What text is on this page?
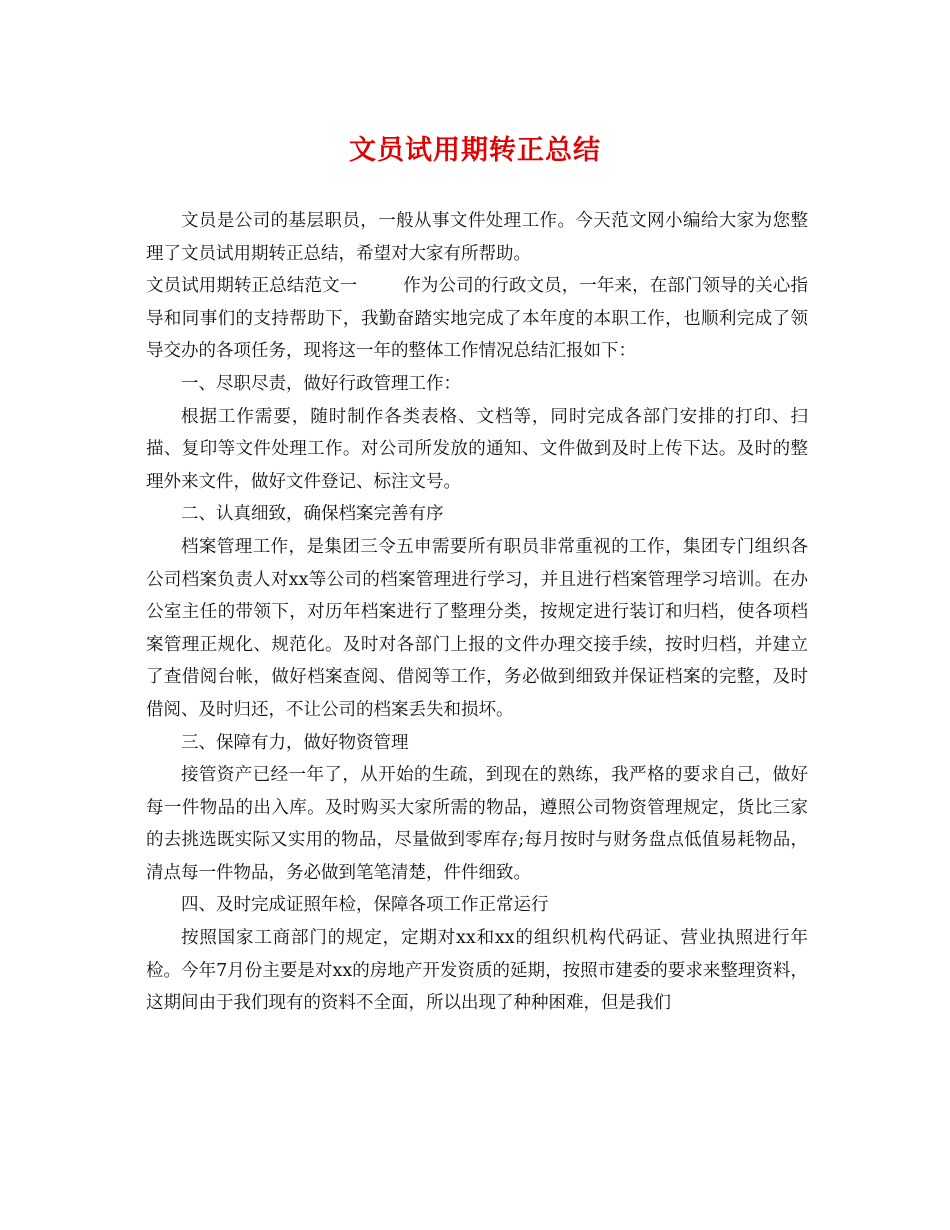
文员试用期转正总结

文员是公司的基层职员，一般从事文件处理工作。今天范文网小编给大家为您整理了文员试用期转正总结，希望对大家有所帮助。

文员试用期转正总结范文一	作为公司的行政文员，一年来，在部门领导的关心指导和同事们的支持帮助下，我勤奋踏实地完成了本年度的本职工作，也顺利完成了领导交办的各项任务，现将这一年的整体工作情况总结汇报如下：

一、尽职尽责，做好行政管理工作：

根据工作需要，随时制作各类表格、文档等，同时完成各部门安排的打印、扫描、复印等文件处理工作。对公司所发放的通知、文件做到及时上传下达。及时的整理外来文件，做好文件登记、标注文号。

二、认真细致，确保档案完善有序

档案管理工作，是集团三令五申需要所有职员非常重视的工作，集团专门组织各公司档案负责人对xx等公司的档案管理进行学习，并且进行档案管理学习培训。在办公室主任的带领下，对历年档案进行了整理分类，按规定进行装订和归档，使各项档案管理正规化、规范化。及时对各部门上报的文件办理交接手续，按时归档，并建立了查借阅台帐，做好档案查阅、借阅等工作，务必做到细致并保证档案的完整，及时借阅、及时归还，不让公司的档案丢失和损坏。

三、保障有力，做好物资管理

接管资产已经一年了，从开始的生疏，到现在的熟练，我严格的要求自己，做好每一件物品的出入库。及时购买大家所需的物品，遵照公司物资管理规定，货比三家的去挑选既实际又实用的物品，尽量做到零库存;每月按时与财务盘点低值易耗物品，清点每一件物品，务必做到笔笔清楚，件件细致。

四、及时完成证照年检，保障各项工作正常运行

按照国家工商部门的规定，定期对xx和xx的组织机构代码证、营业执照进行年检。今年7月份主要是对xx的房地产开发资质的延期，按照市建委的要求来整理资料，这期间由于我们现有的资料不全面，所以出现了种种困难，但是我们
